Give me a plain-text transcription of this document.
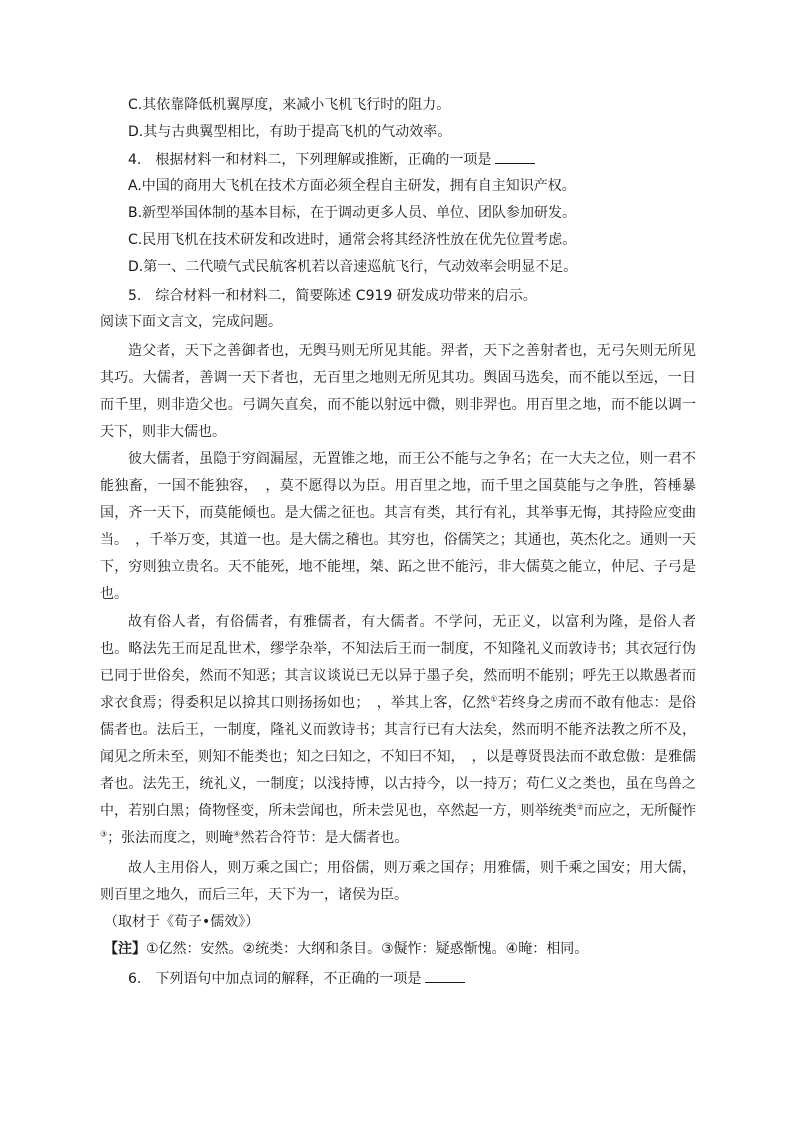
C.其依靠降低机翼厚度，来减小飞机飞行时的阻力。
D.其与古典翼型相比，有助于提高飞机的气动效率。
4.　根据材料一和材料二，下列理解或推断，正确的一项是
A.中国的商用大飞机在技术方面必须全程自主研发，拥有自主知识产权。
B.新型举国体制的基本目标，在于调动更多人员、单位、团队参加研发。
C.民用飞机在技术研发和改进时，通常会将其经济性放在优先位置考虑。
D.第一、二代喷气式民航客机若以音速巡航飞行，气动效率会明显不足。
5.　综合材料一和材料二，简要陈述 C919 研发成功带来的启示。
阅读下面文言文，完成问题。
造父者，天下之善御者也，无舆马则无所见其能。羿者，天下之善射者也，无弓矢则无所见其巧。大儒者，善调一天下者也，无百里之地则无所见其功。舆固马选矣，而不能以至远，一日而千里，则非造父也。弓调矢直矣，而不能以射远中微，则非羿也。用百里之地，而不能以调一天下，则非大儒也。
彼大儒者，虽隐于穷阎漏屋，无置锥之地，而王公不能与之争名；在一大夫之位，则一君不能独畜，一国不能独容，　，莫不愿得以为臣。用百里之地，而千里之国莫能与之争胜，笞棰暴国，齐一天下，而莫能倾也。是大儒之征也。其言有类，其行有礼，其举事无悔，其持险应变曲当。　，千举万变，其道一也。是大儒之稽也。其穷也，俗儒笑之；其通也，英杰化之。通则一天下，穷则独立贵名。天不能死，地不能埋，桀、跖之世不能污，非大儒莫之能立，仲尼、子弓是也。
故有俗人者，有俗儒者，有雅儒者，有大儒者。不学问，无正义，以富利为隆，是俗人者也。略法先王而足乱世术，缪学杂举，不知法后王而一制度，不知隆礼义而敦诗书；其衣冠行伪已同于世俗矣，然而不知恶；其言议谈说已无以异于墨子矣，然而明不能别；呼先王以欺愚者而求衣食焉；得委积足以揜其口则扬扬如也；　，举其上客，亿然①若终身之虏而不敢有他志：是俗儒者也。法后王，一制度，隆礼义而敦诗书；其言行已有大法矣，然而明不能齐法教之所不及，闻见之所未至，则知不能类也；知之曰知之，不知曰不知，　，以是尊贤畏法而不敢怠傲：是雅儒者也。法先王，统礼义，一制度；以浅持博，以古持今，以一持万；苟仁义之类也，虽在鸟兽之中，若别白黑；倚物怪变，所未尝闻也，所未尝见也，卒然起一方，则举统类②而应之，无所儗怍③；张法而度之，则晻④然若合符节：是大儒者也。
故人主用俗人，则万乘之国亡；用俗儒，则万乘之国存；用雅儒，则千乘之国安；用大儒，则百里之地久，而后三年，天下为一，诸侯为臣。
（取材于《荀子•儒效》）
【注】①亿然：安然。②统类：大纲和条目。③儗怍：疑惑惭愧。④晻：相同。
6.　下列语句中加点词的解释，不正确的一项是
